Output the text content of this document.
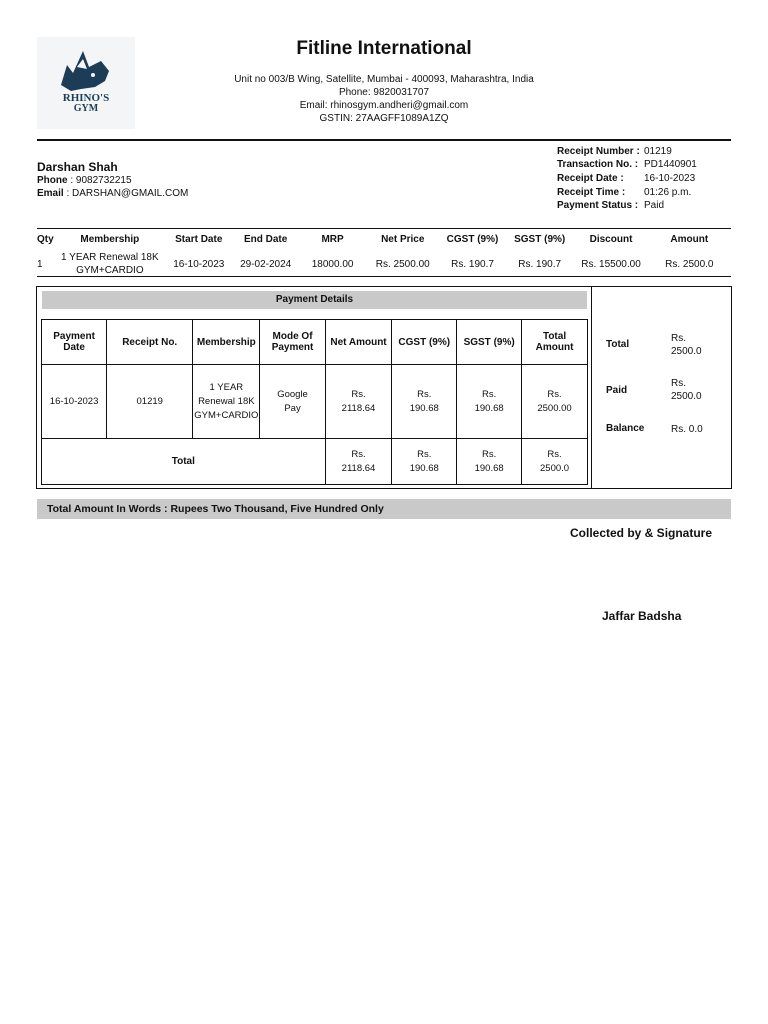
RHINO'S
GYM
Fitline International
Unit no 003/B Wing, Satellite, Mumbai - 400093, Maharashtra, India
Phone: 9820031707
Email: rhinosgym.andheri@gmail.com
GSTIN: 27AAGFF1089A1ZQ
Receipt Number : 01219
Transaction No. : PD1440901
Receipt Date : 16-10-2023
Receipt Time : 01:26 p.m.
Payment Status : Paid
Darshan Shah
Phone : 9082732215
Email : DARSHAN@GMAIL.COM
Qty	Membership	Start Date	End Date	MRP	Net Price	CGST (9%)	SGST (9%)	Discount	Amount
1	1 YEAR Renewal 18K GYM+CARDIO	16-10-2023	29-02-2024	18000.00	Rs. 2500.00	Rs. 190.7	Rs. 190.7	Rs. 15500.00	Rs. 2500.0
Payment Details
Payment Date	Receipt No.	Membership	Mode Of Payment	Net Amount	CGST (9%)	SGST (9%)	Total Amount
16-10-2023	01219	1 YEAR Renewal 18K GYM+CARDIO	Google Pay	Rs. 2118.64	Rs. 190.68	Rs. 190.68	Rs. 2500.00
Total				Rs. 2118.64	Rs. 190.68	Rs. 190.68	Rs. 2500.0
Total
Rs. 2500.0
Paid
Rs. 2500.0
Balance	Rs. 0.0
Total Amount In Words : Rupees Two Thousand, Five Hundred Only
Collected by & Signature
Jaffar Badsha
